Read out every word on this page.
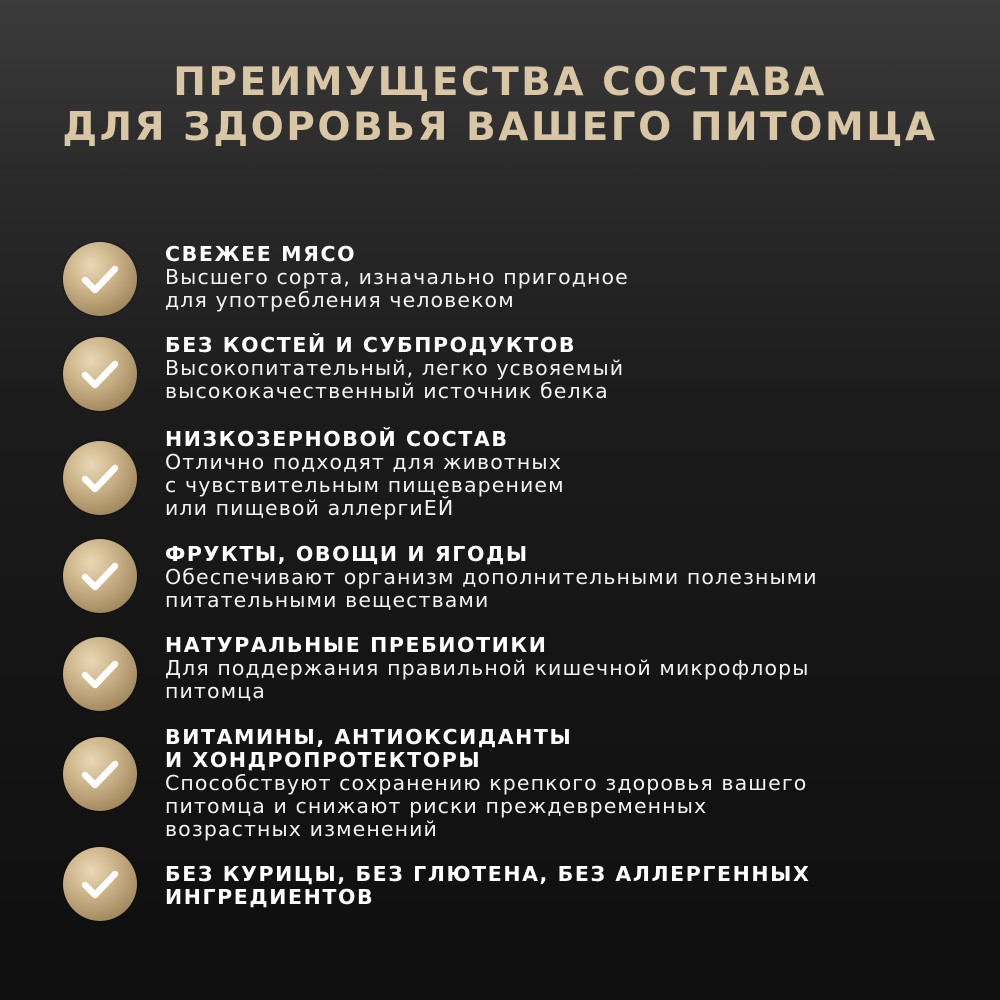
ПРЕИМУЩЕСТВА СОСТАВА
ДЛЯ ЗДОРОВЬЯ ВАШЕГО ПИТОМЦА
СВЕЖЕЕ МЯСО
Высшего сорта, изначально пригодное
для употребления человеком
БЕЗ КОСТЕЙ И СУБПРОДУКТОВ
Высокопитательный, легко усвояемый
высококачественный источник белка
НИЗКОЗЕРНОВОЙ СОСТАВ
Отлично подходят для животных
с чувствительным пищеварением
или пищевой аллергиЕЙ
ФРУКТЫ, ОВОЩИ И ЯГОДЫ
Обеспечивают организм дополнительными полезными
питательными веществами
НАТУРАЛЬНЫЕ ПРЕБИОТИКИ
Для поддержания правильной кишечной микрофлоры
питомца
ВИТАМИНЫ, АНТИОКСИДАНТЫ
И ХОНДРОПРОТЕКТОРЫ
Способствуют сохранению крепкого здоровья вашего
питомца и снижают риски преждевременных
возрастных изменений
БЕЗ КУРИЦЫ, БЕЗ ГЛЮТЕНА, БЕЗ АЛЛЕРГЕННЫХ
ИНГРЕДИЕНТОВ
